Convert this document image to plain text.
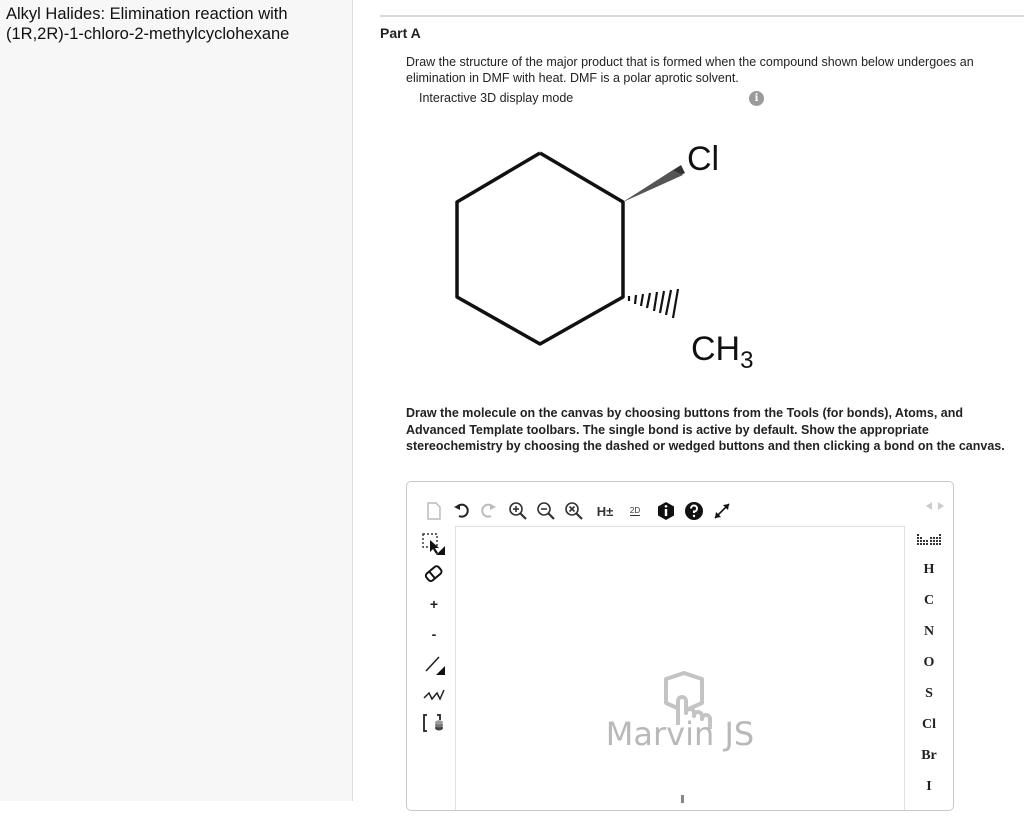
Alkyl Halides: Elimination reaction with
(1R,2R)-1-chloro-2-methylcyclohexane	Part A
Draw the structure of the major product that is formed when the compound shown below undergoes an elimination in DMF with heat. DMF is a polar aprotic solvent.
Interactive 3D display mode	i
Cl
$CH_3$
Draw the molecule on the canvas by choosing buttons from the Tools (for bonds), Atoms, and Advanced Template toolbars. The single bond is active by default. Show the appropriate stereochemistry by choosing the dashed or wedged buttons and then clicking a bond on the canvas.
H±	2D
+
-
Marvin JS
H
C
N
O
S
Cl
Br
I
